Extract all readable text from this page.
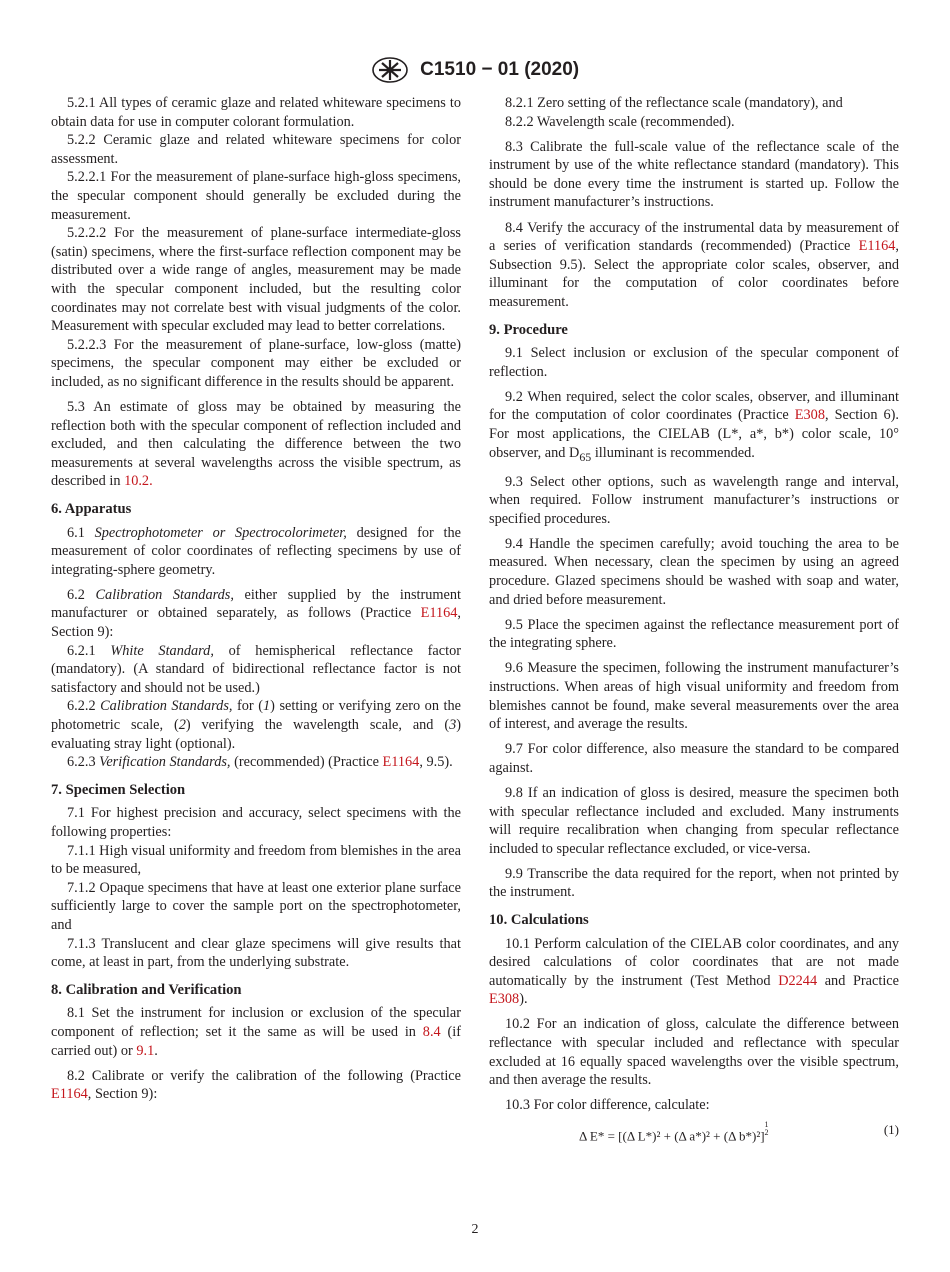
C1510 − 01 (2020)

5.2.1 All types of ceramic glaze and related whiteware specimens to obtain data for use in computer colorant formulation.

5.2.2 Ceramic glaze and related whiteware specimens for color assessment.

5.2.2.1 For the measurement of plane-surface high-gloss specimens, the specular component should generally be excluded during the measurement.

5.2.2.2 For the measurement of plane-surface intermediate-gloss (satin) specimens, where the first-surface reflection component may be distributed over a wide range of angles, measurement may be made with the specular component included, but the resulting color coordinates may not correlate best with visual judgments of the color. Measurement with specular excluded may lead to better correlations.

5.2.2.3 For the measurement of plane-surface, low-gloss (matte) specimens, the specular component may either be excluded or included, as no significant difference in the results should be apparent.

5.3 An estimate of gloss may be obtained by measuring the reflection both with the specular component of reflection included and excluded, and then calculating the difference between the two measurements at several wavelengths across the visible spectrum, as described in 10.2.

6. Apparatus

6.1 Spectrophotometer or Spectrocolorimeter, designed for the measurement of color coordinates of reflecting specimens by use of integrating-sphere geometry.

6.2 Calibration Standards, either supplied by the instrument manufacturer or obtained separately, as follows (Practice E1164, Section 9):

6.2.1 White Standard, of hemispherical reflectance factor (mandatory). (A standard of bidirectional reflectance factor is not satisfactory and should not be used.)

6.2.2 Calibration Standards, for (1) setting or verifying zero on the photometric scale, (2) verifying the wavelength scale, and (3) evaluating stray light (optional).

6.2.3 Verification Standards, (recommended) (Practice E1164, 9.5).

7. Specimen Selection

7.1 For highest precision and accuracy, select specimens with the following properties:

7.1.1 High visual uniformity and freedom from blemishes in the area to be measured,

7.1.2 Opaque specimens that have at least one exterior plane surface sufficiently large to cover the sample port on the spectrophotometer, and

7.1.3 Translucent and clear glaze specimens will give results that come, at least in part, from the underlying substrate.

8. Calibration and Verification

8.1 Set the instrument for inclusion or exclusion of the specular component of reflection; set it the same as will be used in 8.4 (if carried out) or 9.1.

8.2 Calibrate or verify the calibration of the following (Practice E1164, Section 9):

8.2.1 Zero setting of the reflectance scale (mandatory), and

8.2.2 Wavelength scale (recommended).

8.3 Calibrate the full-scale value of the reflectance scale of the instrument by use of the white reflectance standard (mandatory). This should be done every time the instrument is started up. Follow the instrument manufacturer’s instructions.

8.4 Verify the accuracy of the instrumental data by measurement of a series of verification standards (recommended) (Practice E1164, Subsection 9.5). Select the appropriate color scales, observer, and illuminant for the computation of color coordinates before measurement.

9. Procedure

9.1 Select inclusion or exclusion of the specular component of reflection.

9.2 When required, select the color scales, observer, and illuminant for the computation of color coordinates (Practice E308, Section 6). For most applications, the CIELAB (L*, a*, b*) color scale, 10° observer, and $D_{65}$ illuminant is recommended.

9.3 Select other options, such as wavelength range and interval, when required. Follow instrument manufacturer’s instructions or specified procedures.

9.4 Handle the specimen carefully; avoid touching the area to be measured. When necessary, clean the specimen by using an agreed procedure. Glazed specimens should be washed with soap and water, and dried before measurement.

9.5 Place the specimen against the reflectance measurement port of the integrating sphere.

9.6 Measure the specimen, following the instrument manufacturer’s instructions. When areas of high visual uniformity and freedom from blemishes cannot be found, make several measurements over the area of interest, and average the results.

9.7 For color difference, also measure the standard to be compared against.

9.8 If an indication of gloss is desired, measure the specimen both with specular reflectance included and excluded. Many instruments will require recalibration when changing from specular reflectance included to specular reflectance excluded, or vice-versa.

9.9 Transcribe the data required for the report, when not printed by the instrument.

10. Calculations

10.1 Perform calculation of the CIELAB color coordinates, and any desired calculations of color coordinates that are not made automatically by the instrument (Test Method D2244 and Practice E308).

10.2 For an indication of gloss, calculate the difference between reflectance with specular included and reflectance with specular excluded at 16 equally spaced wavelengths over the visible spectrum, and then average the results.

10.3 For color difference, calculate:

Δ E* = [(Δ L*)² + (Δ a*)² + (Δ b*)²]
1
2	(1)
2
